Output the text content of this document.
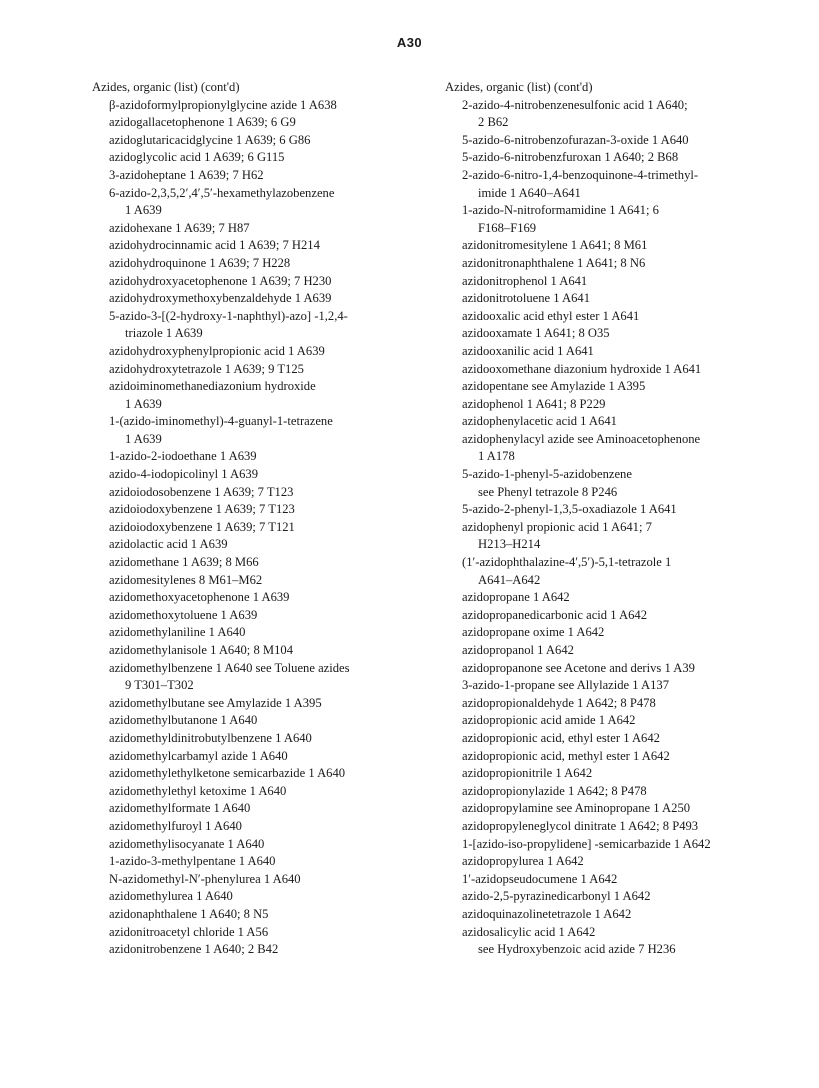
A30

Azides, organic (list) (cont'd)

β-azidoformylpropionylglycine azide 1 A638
azidogallacetophenone 1 A639; 6 G9
azidoglutaricacidglycine 1 A639; 6 G86
azidoglycolic acid 1 A639; 6 G115
3-azidoheptane 1 A639; 7 H62
6-azido-2,3,5,2′,4′,5′-hexamethylazobenzene
1 A639
azidohexane 1 A639; 7 H87
azidohydrocinnamic acid 1 A639; 7 H214
azidohydroquinone 1 A639; 7 H228
azidohydroxyacetophenone 1 A639; 7 H230
azidohydroxymethoxybenzaldehyde 1 A639
5-azido-3-[(2-hydroxy-1-naphthyl)-azo] -1,2,4-
triazole 1 A639
azidohydroxyphenylpropionic acid 1 A639
azidohydroxytetrazole 1 A639; 9 T125
azidoiminomethanediazonium hydroxide
1 A639
1-(azido-iminomethyl)-4-guanyl-1-tetrazene
1 A639
1-azido-2-iodoethane 1 A639
azido-4-iodopicolinyl 1 A639
azidoiodosobenzene 1 A639; 7 T123
azidoiodoxybenzene 1 A639; 7 T123
azidoiodoxybenzene 1 A639; 7 T121
azidolactic acid 1 A639
azidomethane 1 A639; 8 M66
azidomesitylenes 8 M61–M62
azidomethoxyacetophenone 1 A639
azidomethoxytoluene 1 A639
azidomethylaniline 1 A640
azidomethylanisole 1 A640; 8 M104
azidomethylbenzene 1 A640 see Toluene azides
9 T301–T302
azidomethylbutane see Amylazide 1 A395
azidomethylbutanone 1 A640
azidomethyldinitrobutylbenzene 1 A640
azidomethylcarbamyl azide 1 A640
azidomethylethylketone semicarbazide 1 A640
azidomethylethyl ketoxime 1 A640
azidomethylformate 1 A640
azidomethylfuroyl 1 A640
azidomethylisocyanate 1 A640
1-azido-3-methylpentane 1 A640
N-azidomethyl-N′-phenylurea 1 A640
azidomethylurea 1 A640
azidonaphthalene 1 A640; 8 N5
azidonitroacetyl chloride 1 A56
azidonitrobenzene 1 A640; 2 B42

Azides, organic (list) (cont'd)

2-azido-4-nitrobenzenesulfonic acid 1 A640;
2 B62
5-azido-6-nitrobenzofurazan-3-oxide 1 A640
5-azido-6-nitrobenzfuroxan 1 A640; 2 B68
2-azido-6-nitro-1,4-benzoquinone-4-trimethyl-
imide 1 A640–A641
1-azido-N-nitroformamidine 1 A641; 6
F168–F169
azidonitromesitylene 1 A641; 8 M61
azidonitronaphthalene 1 A641; 8 N6
azidonitrophenol 1 A641
azidonitrotoluene 1 A641
azidooxalic acid ethyl ester 1 A641
azidooxamate 1 A641; 8 O35
azidooxanilic acid 1 A641
azidooxomethane diazonium hydroxide 1 A641
azidopentane see Amylazide 1 A395
azidophenol 1 A641; 8 P229
azidophenylacetic acid 1 A641
azidophenylacyl azide see Aminoacetophenone
1 A178
5-azido-1-phenyl-5-azidobenzene
see Phenyl tetrazole 8 P246
5-azido-2-phenyl-1,3,5-oxadiazole 1 A641
azidophenyl propionic acid 1 A641; 7
H213–H214
(1′-azidophthalazine-4′,5′)-5,1-tetrazole 1
A641–A642
azidopropane 1 A642
azidopropanedicarbonic acid 1 A642
azidopropane oxime 1 A642
azidopropanol 1 A642
azidopropanone see Acetone and derivs 1 A39
3-azido-1-propane see Allylazide 1 A137
azidopropionaldehyde 1 A642; 8 P478
azidopropionic acid amide 1 A642
azidopropionic acid, ethyl ester 1 A642
azidopropionic acid, methyl ester 1 A642
azidopropionitrile 1 A642
azidopropionylazide 1 A642; 8 P478
azidopropylamine see Aminopropane 1 A250
azidopropyleneglycol dinitrate 1 A642; 8 P493
1-[azido-iso-propylidene] -semicarbazide 1 A642
azidopropylurea 1 A642
1′-azidopseudocumene 1 A642
azido-2,5-pyrazinedicarbonyl 1 A642
azidoquinazolinetetrazole 1 A642
azidosalicylic acid 1 A642
see Hydroxybenzoic acid azide 7 H236
